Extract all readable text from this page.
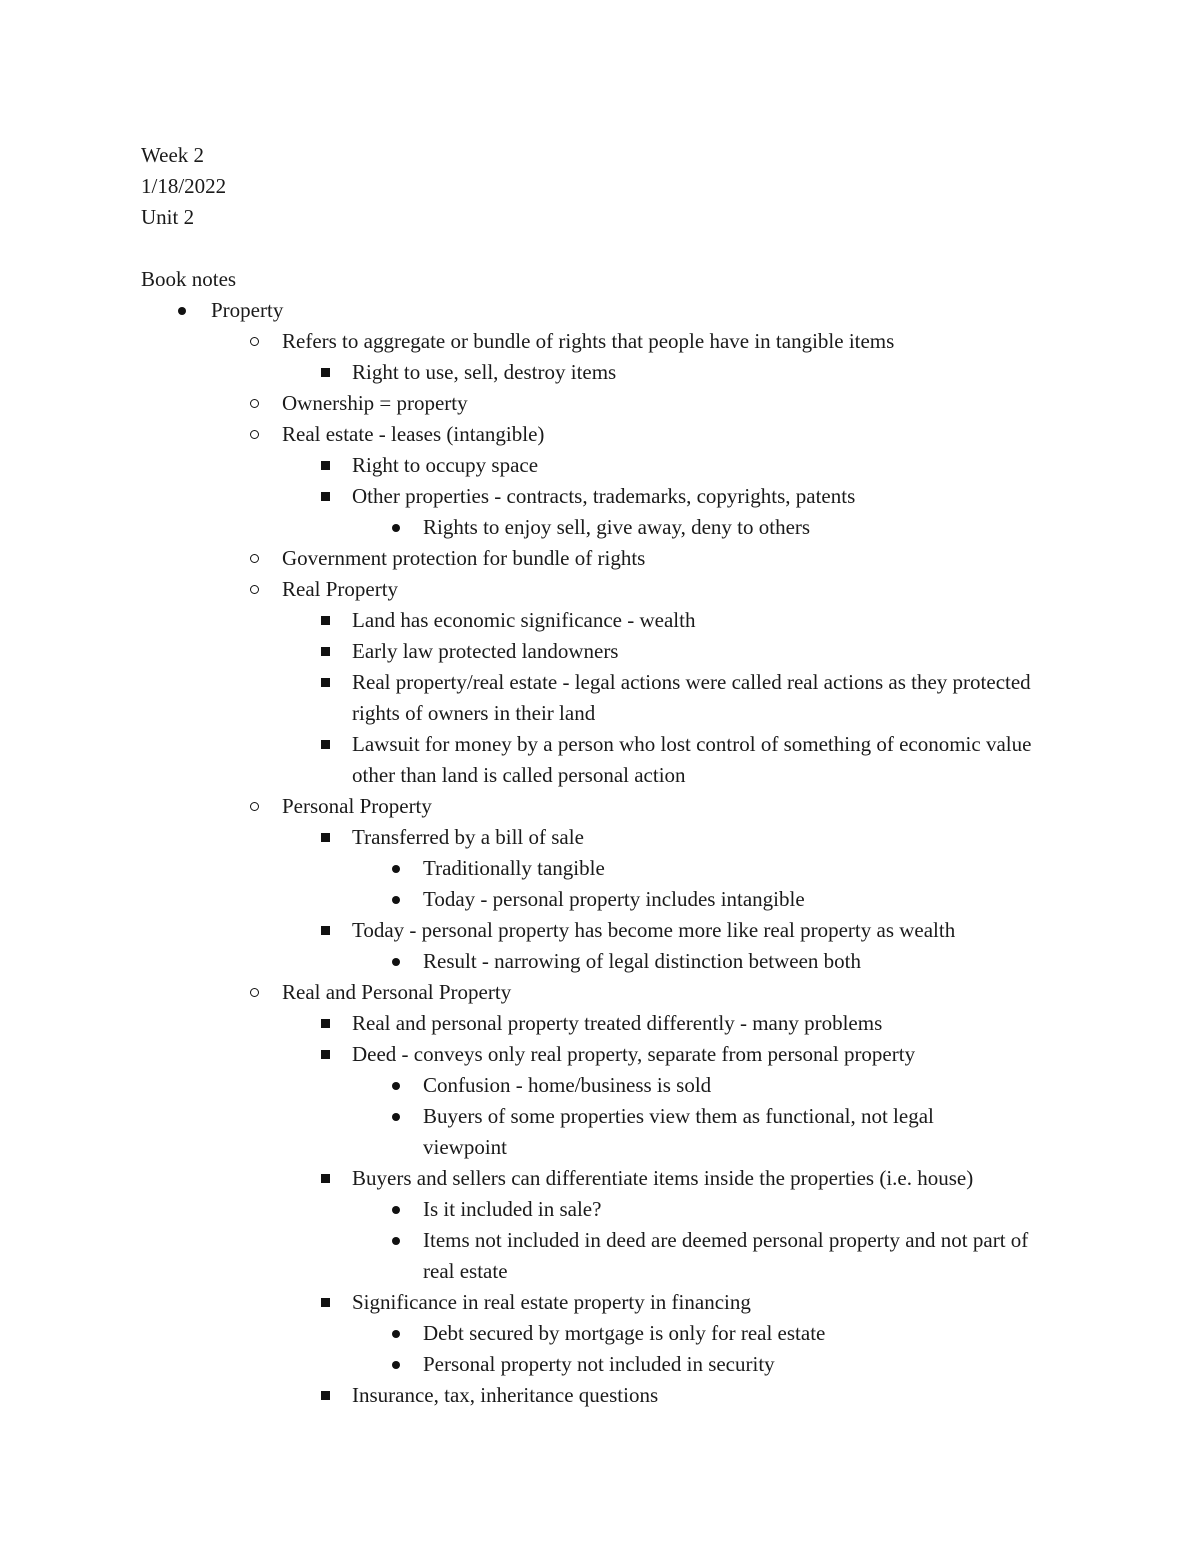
Week 2
1/18/2022
Unit 2
Book notes
Property
Refers to aggregate or bundle of rights that people have in tangible items
Right to use, sell, destroy items
Ownership = property
Real estate - leases (intangible)
Right to occupy space
Other properties - contracts, trademarks, copyrights, patents
Rights to enjoy sell, give away, deny to others
Government protection for bundle of rights
Real Property
Land has economic significance - wealth
Early law protected landowners
Real property/real estate - legal actions were called real actions as they protected rights of owners in their land
Lawsuit for money by a person who lost control of something of economic value other than land is called personal action
Personal Property
Transferred by a bill of sale
Traditionally tangible
Today - personal property includes intangible
Today - personal property has become more like real property as wealth
Result - narrowing of legal distinction between both
Real and Personal Property
Real and personal property treated differently - many problems
Deed - conveys only real property, separate from personal property
Confusion - home/business is sold
Buyers of some properties view them as functional, not legal viewpoint
Buyers and sellers can differentiate items inside the properties (i.e. house)
Is it included in sale?
Items not included in deed are deemed personal property and not part of real estate
Significance in real estate property in financing
Debt secured by mortgage is only for real estate
Personal property not included in security
Insurance, tax, inheritance questions
